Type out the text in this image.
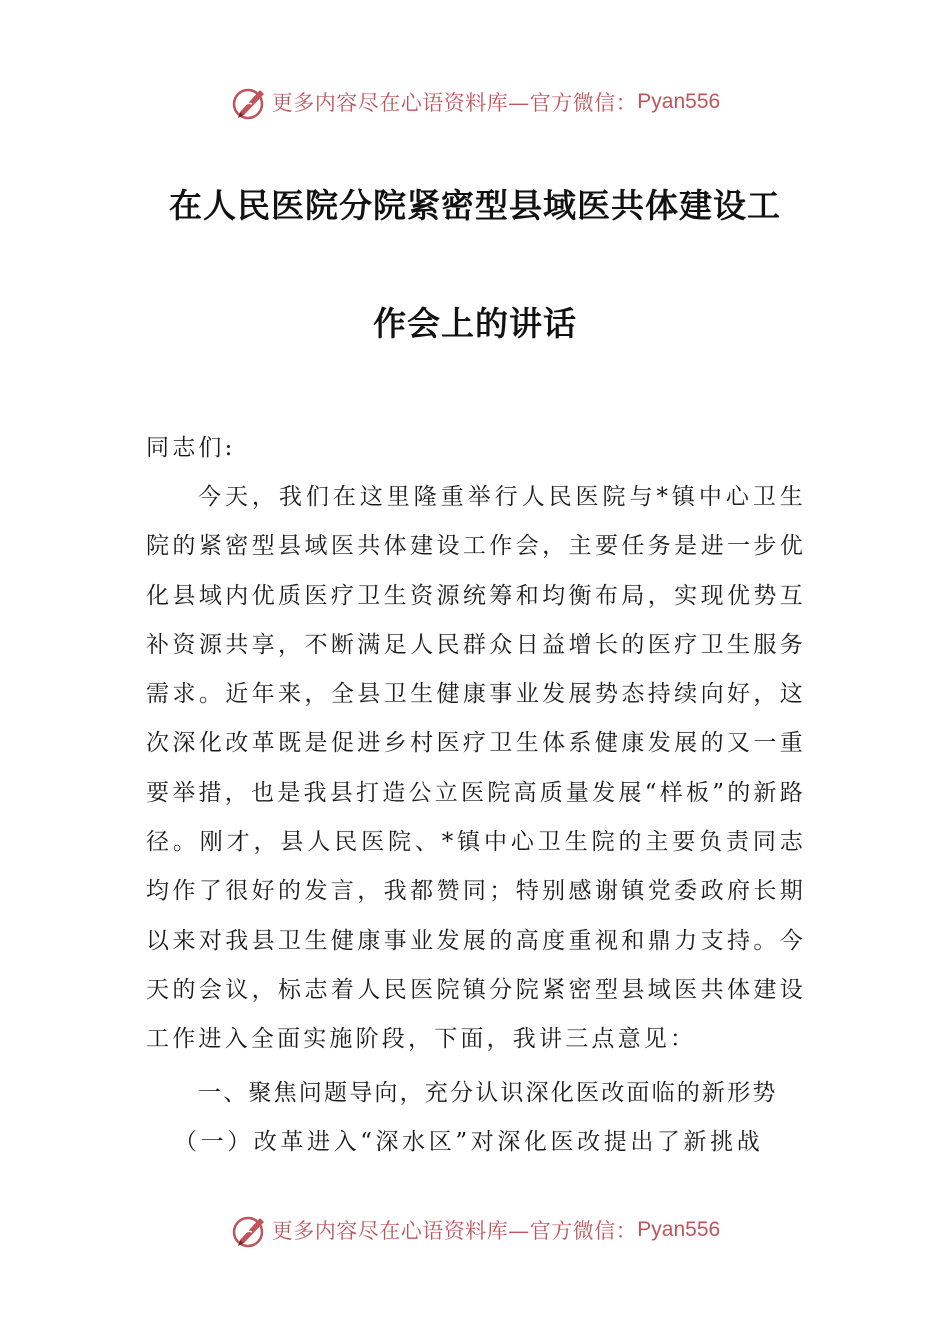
更多内容尽在心语资料库—官方微信： Pyan556
在人民医院分院紧密型县域医共体建设工
作会上的讲话
同志们:
今天，我们在这里隆重举行人民医院与*镇中心卫生院的紧密型县域医共体建设工作会，主要任务是进一步优化县域内优质医疗卫生资源统筹和均衡布局，实现优势互补资源共享，不断满足人民群众日益增长的医疗卫生服务需求。近年来，全县卫生健康事业发展势态持续向好，这次深化改革既是促进乡村医疗卫生体系健康发展的又一重要举措，也是我县打造公立医院高质量发展“样板”的新路径。刚才，县人民医院、*镇中心卫生院的主要负责同志均作了很好的发言，我都赞同；特别感谢镇党委政府长期以来对我县卫生健康事业发展的高度重视和鼎力支持。今天的会议，标志着人民医院镇分院紧密型县域医共体建设工作进入全面实施阶段，下面，我讲三点意见：
一、聚焦问题导向，充分认识深化医改面临的新形势
（一）改革进入“深水区”对深化医改提出了新挑战
更多内容尽在心语资料库—官方微信： Pyan556
